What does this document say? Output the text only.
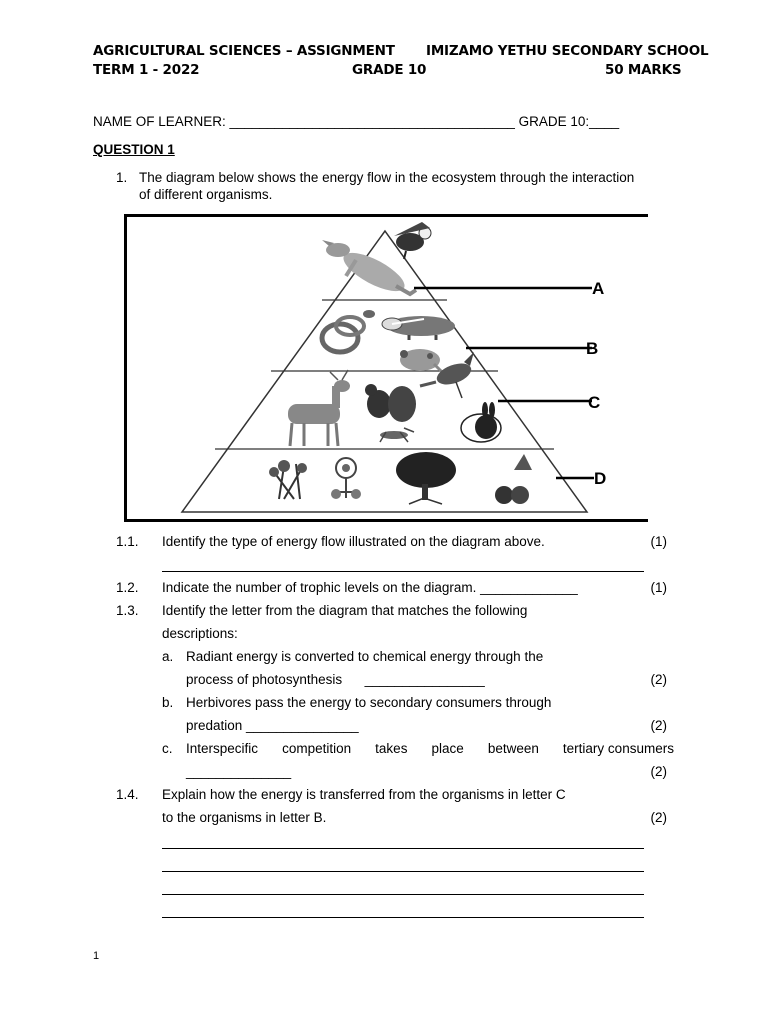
AGRICULTURAL SCIENCES – ASSIGNMENT IMIZAMO YETHU SECONDARY SCHOOL
TERM 1 - 2022	GRADE 10	50 MARKS
NAME OF LEARNER: ______________________________________ GRADE 10:____
QUESTION 1
1. The diagram below shows the energy flow in the ecosystem through the interaction
of different organisms.
A
B
C
D
1.1. Identify the type of energy flow illustrated on the diagram above.	(1)
1.2. Indicate the number of trophic levels on the diagram. _____________	(1)
1.3. Identify the letter from the diagram that matches the following
descriptions:
a. Radiant energy is converted to chemical energy through the
process of photosynthesis      ________________	(2)
b. Herbivores pass the energy to secondary consumers through
predation _______________	(2)
c. Interspecific competition takes place between tertiary consumers
______________	(2)
1.4. Explain how the energy is transferred from the organisms in letter C
to the organisms in letter B.	(2)
1
